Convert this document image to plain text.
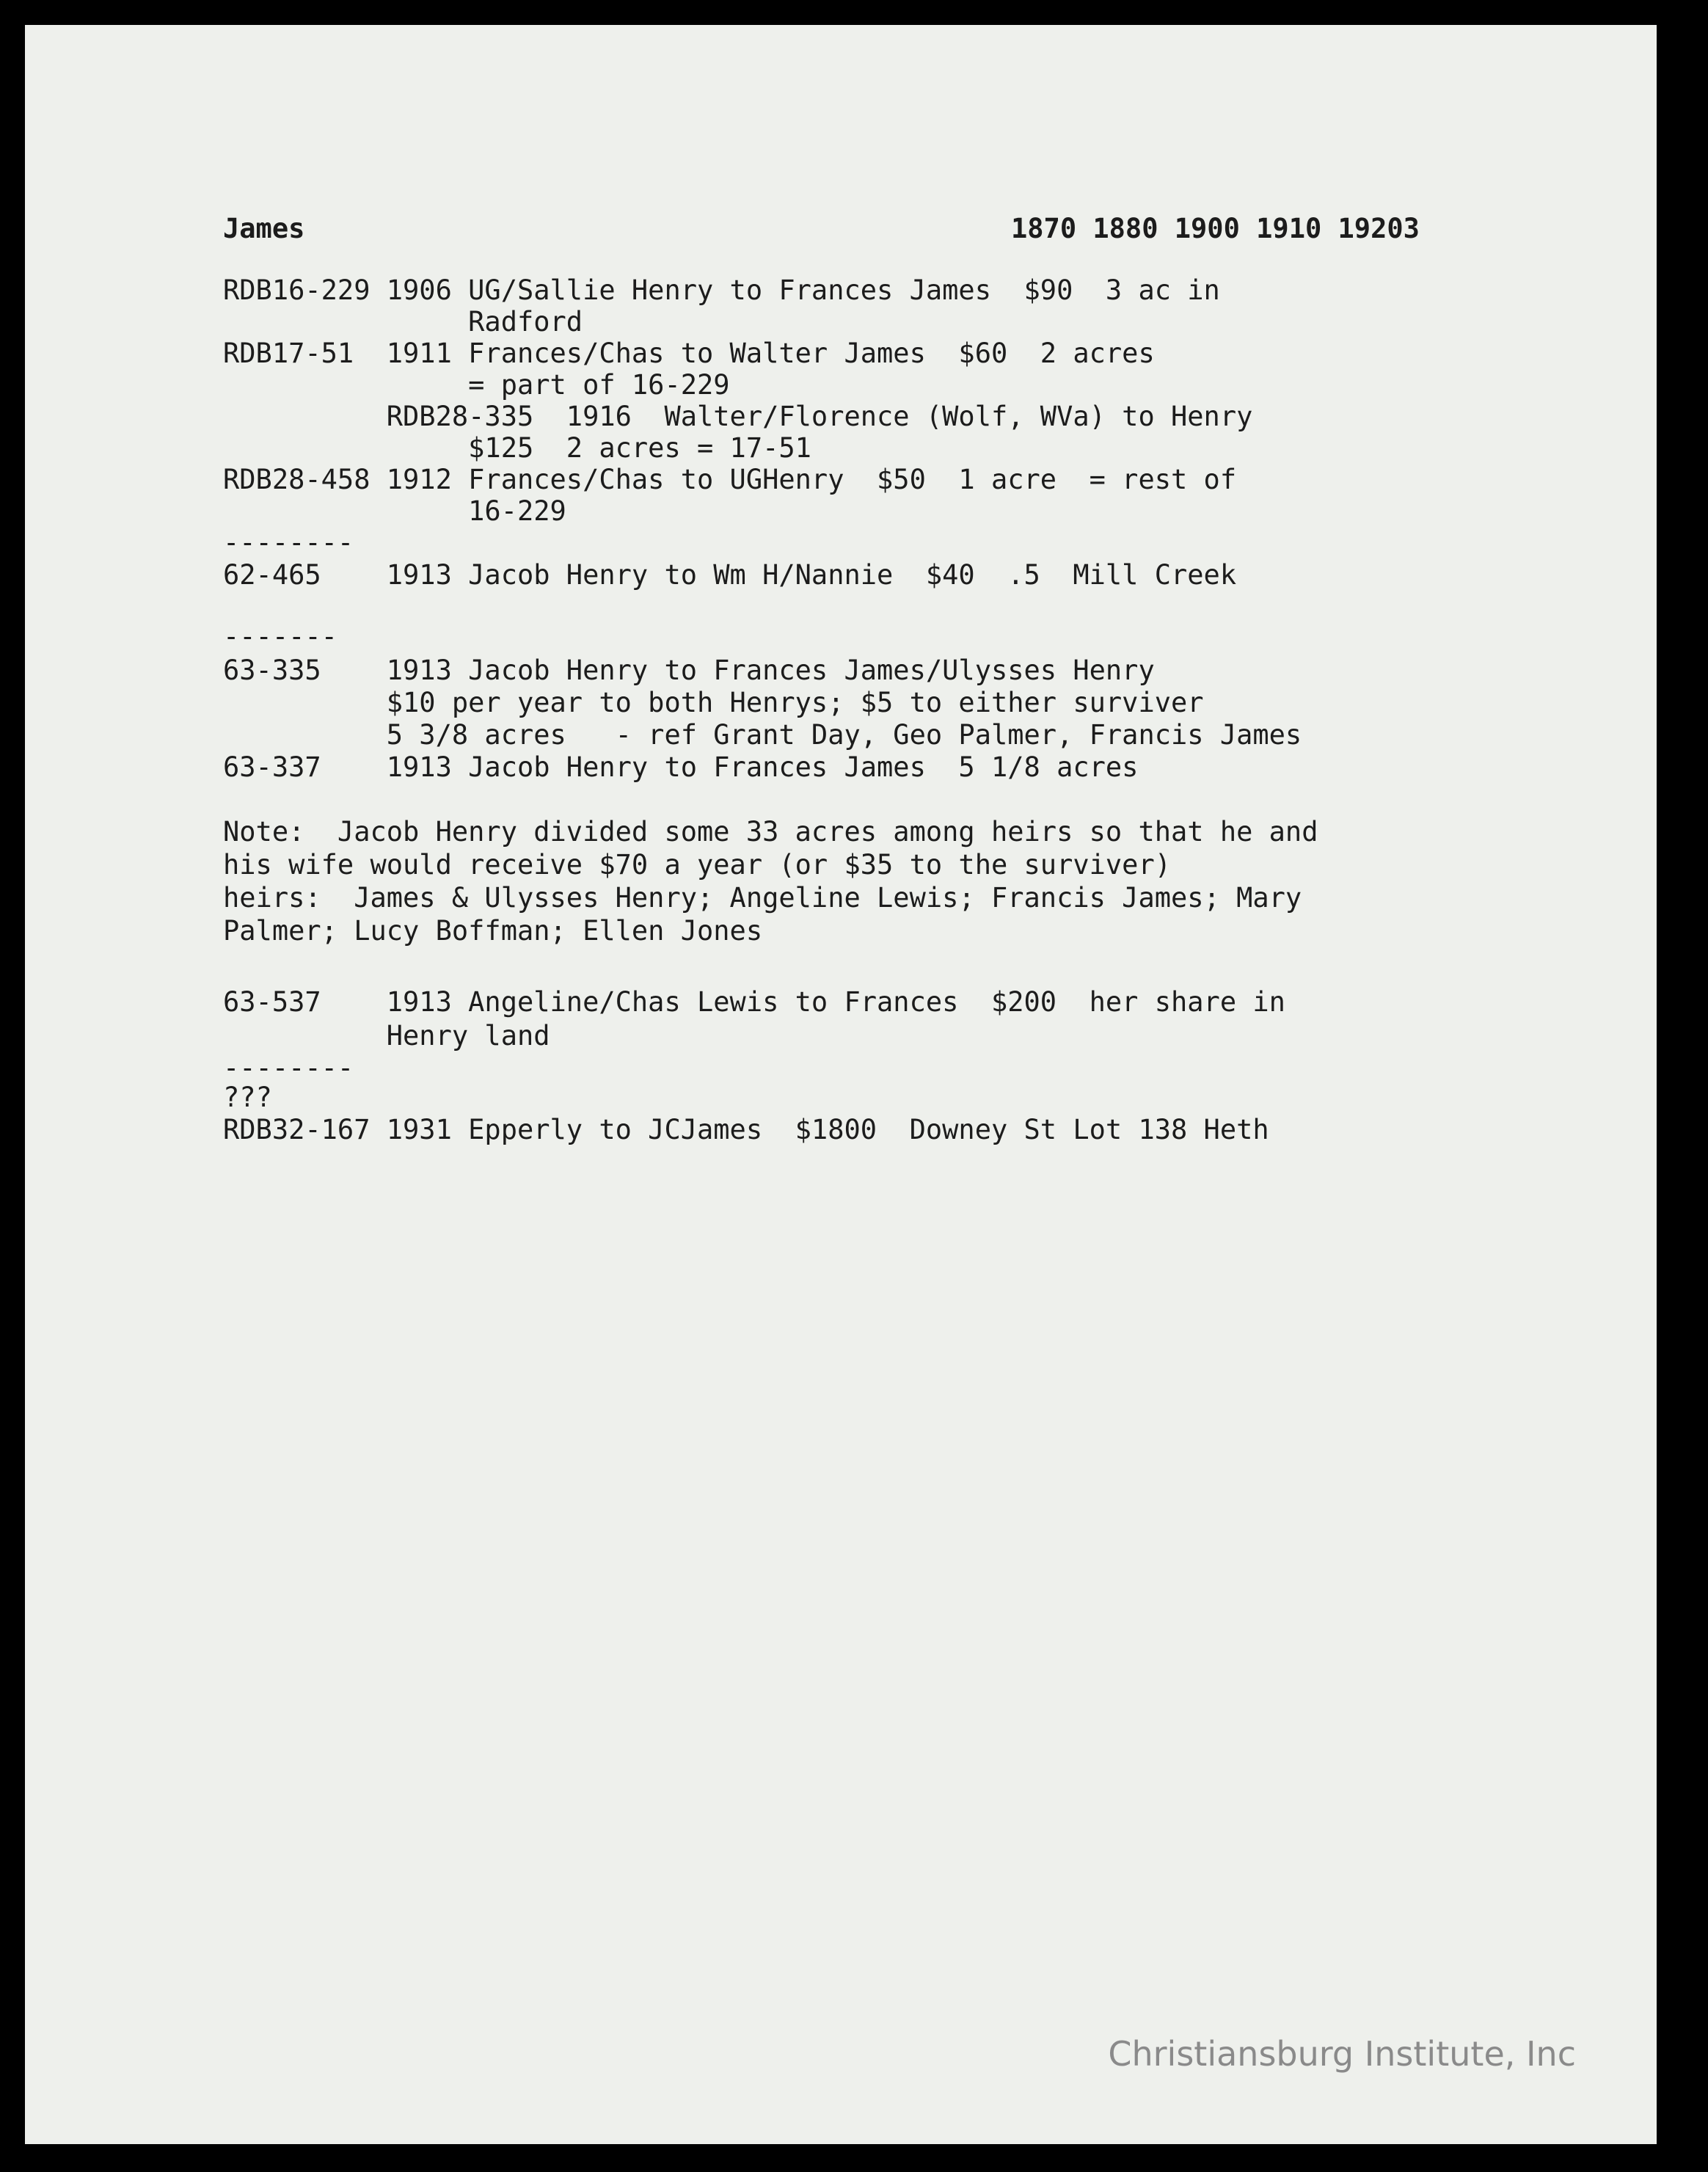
James	1870 1880 1900 1910 19203
RDB16-229 1906 UG/Sallie Henry to Frances James  $90  3 ac in
Radford
RDB17-51  1911 Frances/Chas to Walter James  $60  2 acres
= part of 16-229
RDB28-335  1916  Walter/Florence (Wolf, WVa) to Henry
$125  2 acres = 17-51
RDB28-458 1912 Frances/Chas to UGHenry  $50  1 acre  = rest of
16-229
--------
62-465    1913 Jacob Henry to Wm H/Nannie  $40  .5  Mill Creek
-------
63-335    1913 Jacob Henry to Frances James/Ulysses Henry
$10 per year to both Henrys; $5 to either surviver
5 3/8 acres   - ref Grant Day, Geo Palmer, Francis James
63-337    1913 Jacob Henry to Frances James  5 1/8 acres
Note:  Jacob Henry divided some 33 acres among heirs so that he and
his wife would receive $70 a year (or $35 to the surviver)
heirs:  James & Ulysses Henry; Angeline Lewis; Francis James; Mary
Palmer; Lucy Boffman; Ellen Jones
63-537    1913 Angeline/Chas Lewis to Frances  $200  her share in
Henry land
--------
???
RDB32-167 1931 Epperly to JCJames  $1800  Downey St Lot 138 Heth
Christiansburg Institute, Inc
